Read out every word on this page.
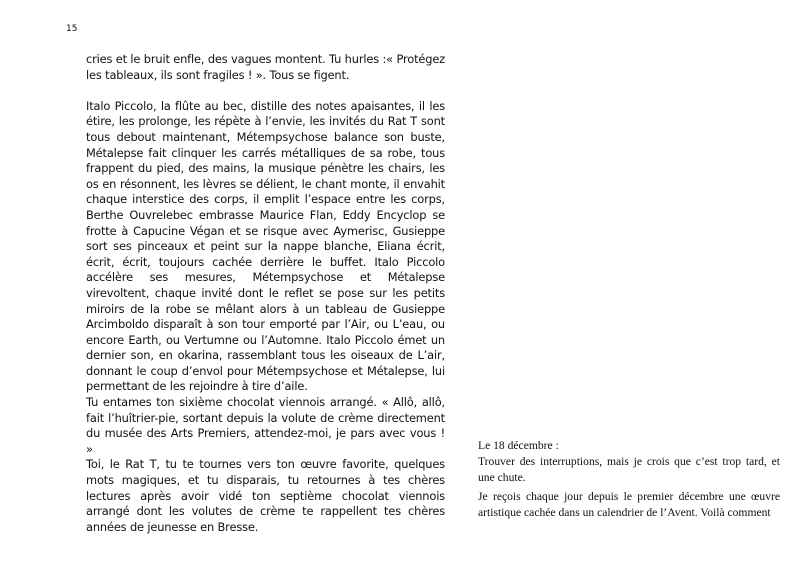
15

cries et le bruit enfle, des vagues montent. Tu hurles :« Protégez les tableaux, ils sont fragiles ! ». Tous se figent.

Italo Piccolo, la flûte au bec, distille des notes apaisantes, il les étire, les prolonge, les répète à l’envie, les invités du Rat T sont tous debout maintenant, Métempsychose balance son buste, Métalepse fait clinquer les carrés métalliques de sa robe, tous frappent du pied, des mains, la musique pénètre les chairs, les os en résonnent, les lèvres se délient, le chant monte, il envahit chaque interstice des corps, il emplit l’espace entre les corps, Berthe Ouvrelebec embrasse Maurice Flan, Eddy Encyclop se frotte à Capucine Végan et se risque avec Aymerisc, Gusieppe sort ses pinceaux et peint sur la nappe blanche, Eliana écrit, écrit, écrit, toujours cachée derrière le buffet. Italo Piccolo accélère ses mesures, Métempsychose et Métalepse virevoltent, chaque invité dont le reflet se pose sur les petits miroirs de la robe se mêlant alors à un tableau de Gusieppe Arcimboldo disparaît à son tour emporté par l’Air, ou L’eau, ou encore Earth, ou Vertumne ou l’Automne. Italo Piccolo émet un dernier son, en okarina, rassemblant tous les oiseaux de L’air, donnant le coup d’envol pour Métempsychose et Métalepse, lui permettant de les rejoindre à tire d’aile.

Tu entames ton sixième chocolat viennois arrangé. « Allô, allô, fait l’huîtrier-pie, sortant depuis la volute de crème directement du musée des Arts Premiers, attendez-moi, je pars avec vous ! »

Toi, le Rat T, tu te tournes vers ton œuvre favorite, quelques mots magiques, et tu disparais, tu retournes à tes chères lectures après avoir vidé ton septième chocolat viennois arrangé dont les volutes de crème te rappellent tes chères années de jeunesse en Bresse.

Le 18 décembre :

Trouver des interruptions, mais je crois que c’est trop tard, et une chute.

Je reçois chaque jour depuis le premier décembre une œuvre artistique cachée dans un calendrier de l’Avent. Voilà comment
